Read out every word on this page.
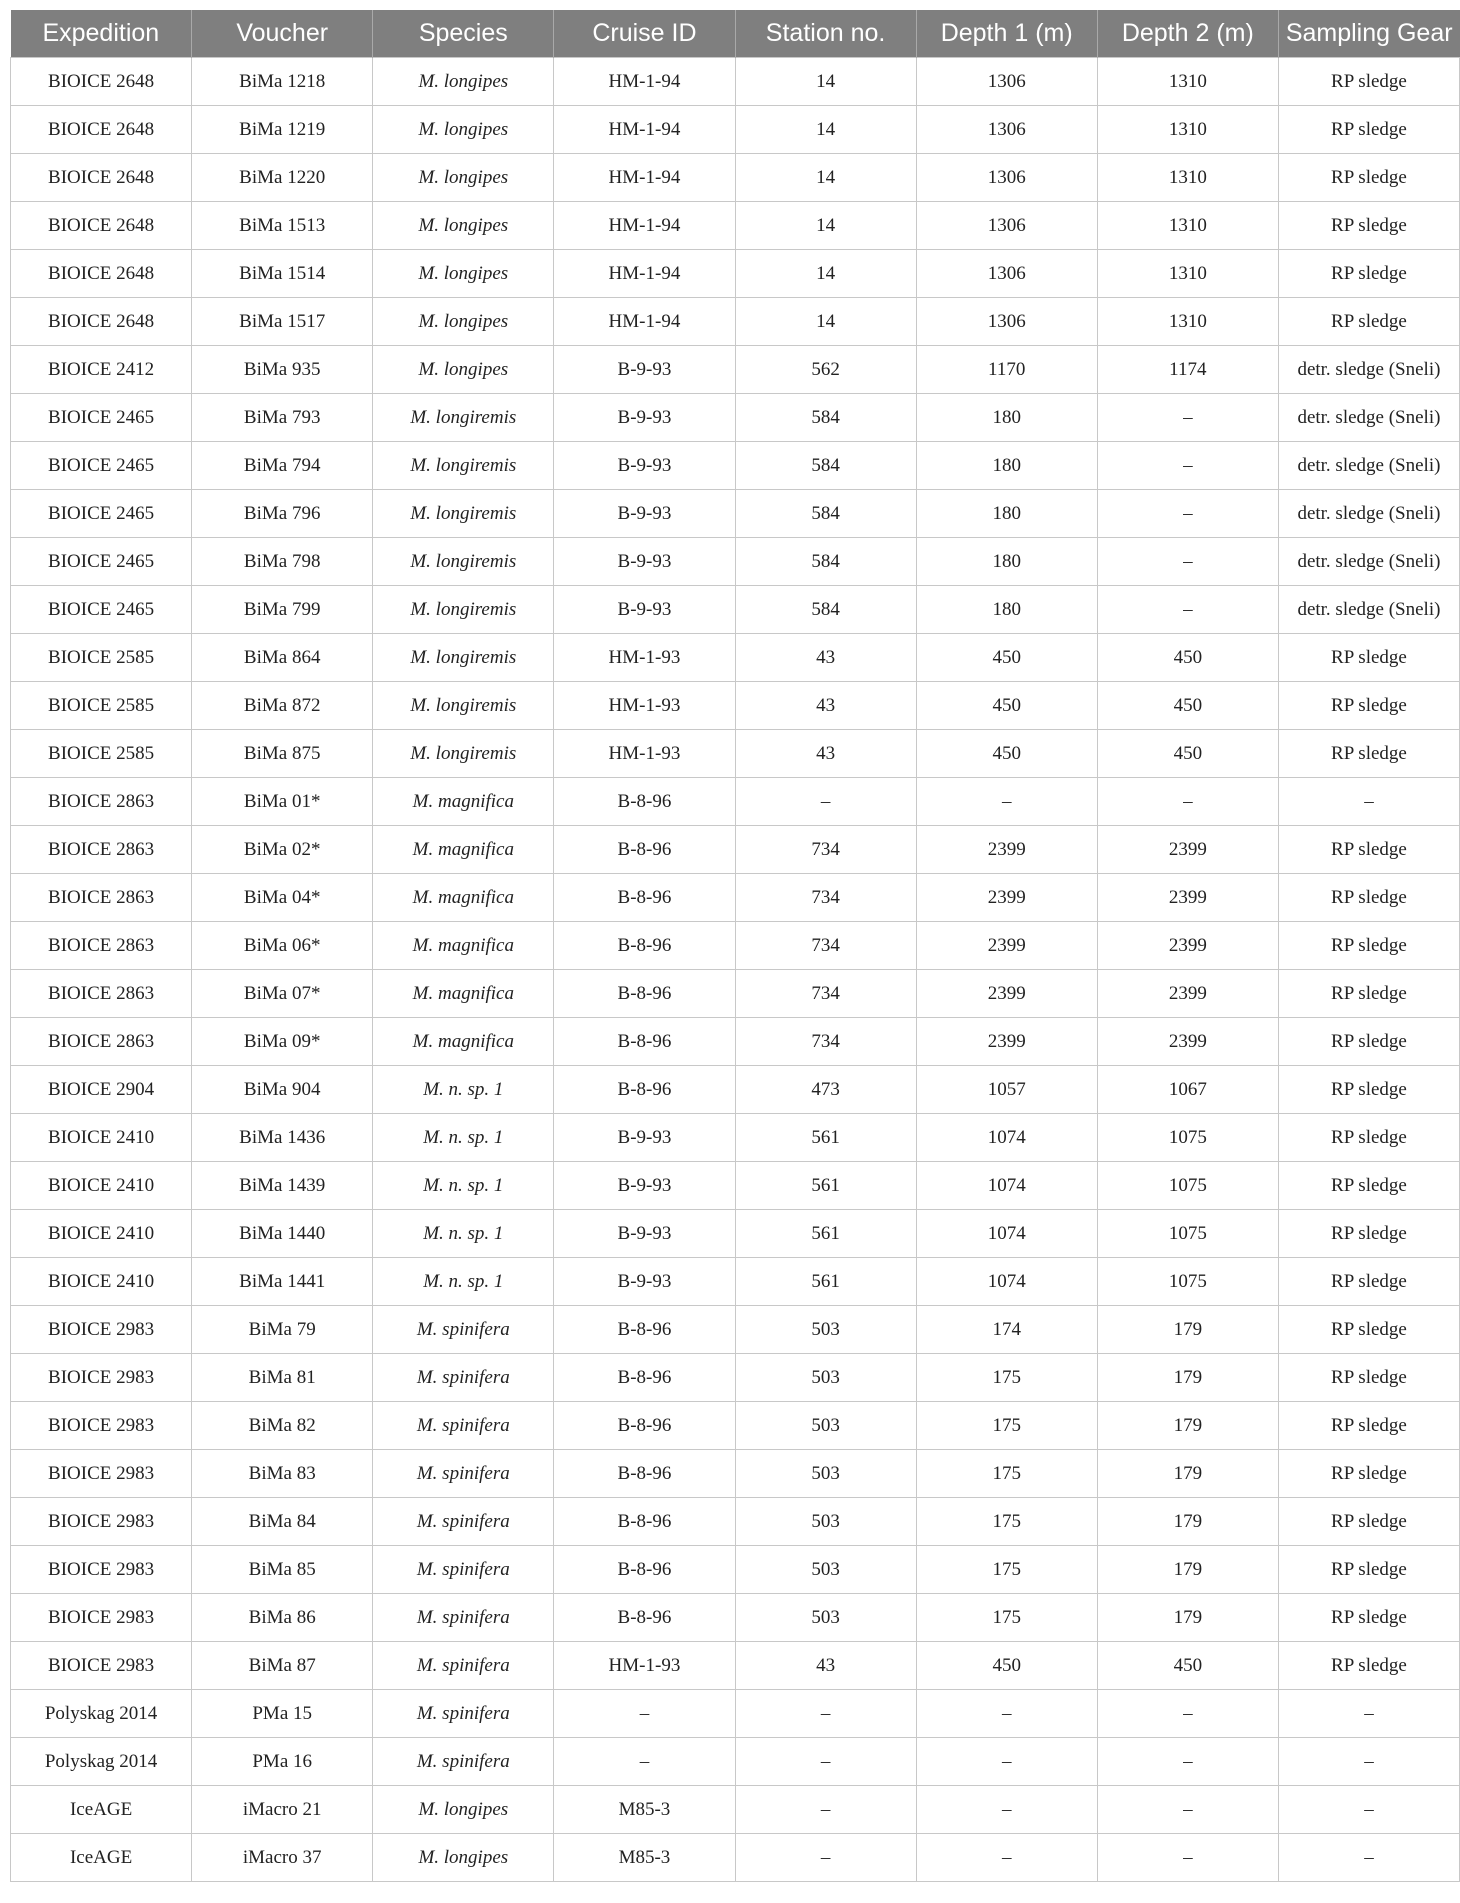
Expedition	Voucher	Species	Cruise ID	Station no.	Depth 1 (m)	Depth 2 (m)	Sampling Gear
BIOICE 2648	BiMa 1218	M. longipes	HM-1-94	14	1306	1310	RP sledge
BIOICE 2648	BiMa 1219	M. longipes	HM-1-94	14	1306	1310	RP sledge
BIOICE 2648	BiMa 1220	M. longipes	HM-1-94	14	1306	1310	RP sledge
BIOICE 2648	BiMa 1513	M. longipes	HM-1-94	14	1306	1310	RP sledge
BIOICE 2648	BiMa 1514	M. longipes	HM-1-94	14	1306	1310	RP sledge
BIOICE 2648	BiMa 1517	M. longipes	HM-1-94	14	1306	1310	RP sledge
BIOICE 2412	BiMa 935	M. longipes	B-9-93	562	1170	1174	detr. sledge (Sneli)
BIOICE 2465	BiMa 793	M. longiremis	B-9-93	584	180	–	detr. sledge (Sneli)
BIOICE 2465	BiMa 794	M. longiremis	B-9-93	584	180	–	detr. sledge (Sneli)
BIOICE 2465	BiMa 796	M. longiremis	B-9-93	584	180	–	detr. sledge (Sneli)
BIOICE 2465	BiMa 798	M. longiremis	B-9-93	584	180	–	detr. sledge (Sneli)
BIOICE 2465	BiMa 799	M. longiremis	B-9-93	584	180	–	detr. sledge (Sneli)
BIOICE 2585	BiMa 864	M. longiremis	HM-1-93	43	450	450	RP sledge
BIOICE 2585	BiMa 872	M. longiremis	HM-1-93	43	450	450	RP sledge
BIOICE 2585	BiMa 875	M. longiremis	HM-1-93	43	450	450	RP sledge
BIOICE 2863	BiMa 01*	M. magnifica	B-8-96	–	–	–	–
BIOICE 2863	BiMa 02*	M. magnifica	B-8-96	734	2399	2399	RP sledge
BIOICE 2863	BiMa 04*	M. magnifica	B-8-96	734	2399	2399	RP sledge
BIOICE 2863	BiMa 06*	M. magnifica	B-8-96	734	2399	2399	RP sledge
BIOICE 2863	BiMa 07*	M. magnifica	B-8-96	734	2399	2399	RP sledge
BIOICE 2863	BiMa 09*	M. magnifica	B-8-96	734	2399	2399	RP sledge
BIOICE 2904	BiMa 904	M. n. sp. 1	B-8-96	473	1057	1067	RP sledge
BIOICE 2410	BiMa 1436	M. n. sp. 1	B-9-93	561	1074	1075	RP sledge
BIOICE 2410	BiMa 1439	M. n. sp. 1	B-9-93	561	1074	1075	RP sledge
BIOICE 2410	BiMa 1440	M. n. sp. 1	B-9-93	561	1074	1075	RP sledge
BIOICE 2410	BiMa 1441	M. n. sp. 1	B-9-93	561	1074	1075	RP sledge
BIOICE 2983	BiMa 79	M. spinifera	B-8-96	503	174	179	RP sledge
BIOICE 2983	BiMa 81	M. spinifera	B-8-96	503	175	179	RP sledge
BIOICE 2983	BiMa 82	M. spinifera	B-8-96	503	175	179	RP sledge
BIOICE 2983	BiMa 83	M. spinifera	B-8-96	503	175	179	RP sledge
BIOICE 2983	BiMa 84	M. spinifera	B-8-96	503	175	179	RP sledge
BIOICE 2983	BiMa 85	M. spinifera	B-8-96	503	175	179	RP sledge
BIOICE 2983	BiMa 86	M. spinifera	B-8-96	503	175	179	RP sledge
BIOICE 2983	BiMa 87	M. spinifera	HM-1-93	43	450	450	RP sledge
Polyskag 2014	PMa 15	M. spinifera	–	–	–	–	–
Polyskag 2014	PMa 16	M. spinifera	–	–	–	–	–
IceAGE	iMacro 21	M. longipes	M85-3	–	–	–	–
IceAGE	iMacro 37	M. longipes	M85-3	–	–	–	–
